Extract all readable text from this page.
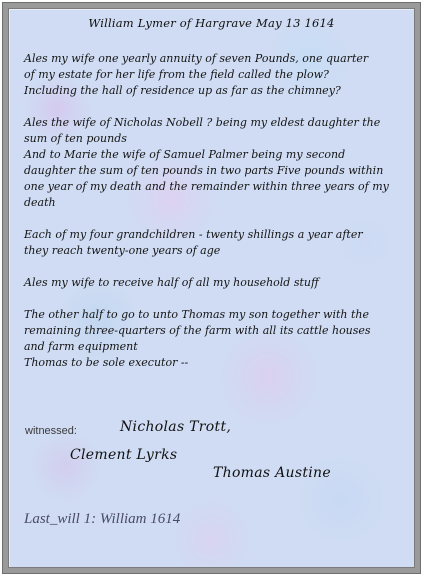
William Lymer of Hargrave May 13 1614

Ales my wife one yearly annuity of seven Pounds, one quarter
of my estate for her life from the field called the plow?
Including the hall of residence up as far as the chimney?

Ales the wife of Nicholas Nobell ? being my eldest daughter the
sum of ten pounds
And to Marie the wife of Samuel Palmer being my second
daughter the sum of ten pounds in two parts Five pounds within
one year of my death and the remainder within three years of my
death

Each of my four grandchildren - twenty shillings a year after
they reach twenty-one years of age

Ales my wife to receive half of all my household stuff

The other half to go to unto Thomas my son together with the
remaining three-quarters of the farm with all its cattle houses
and farm equipment
Thomas to be sole executor --

witnessed:	Nicholas Trott,
Clement Lyrks
Thomas Austine
Last_will 1: William 1614
